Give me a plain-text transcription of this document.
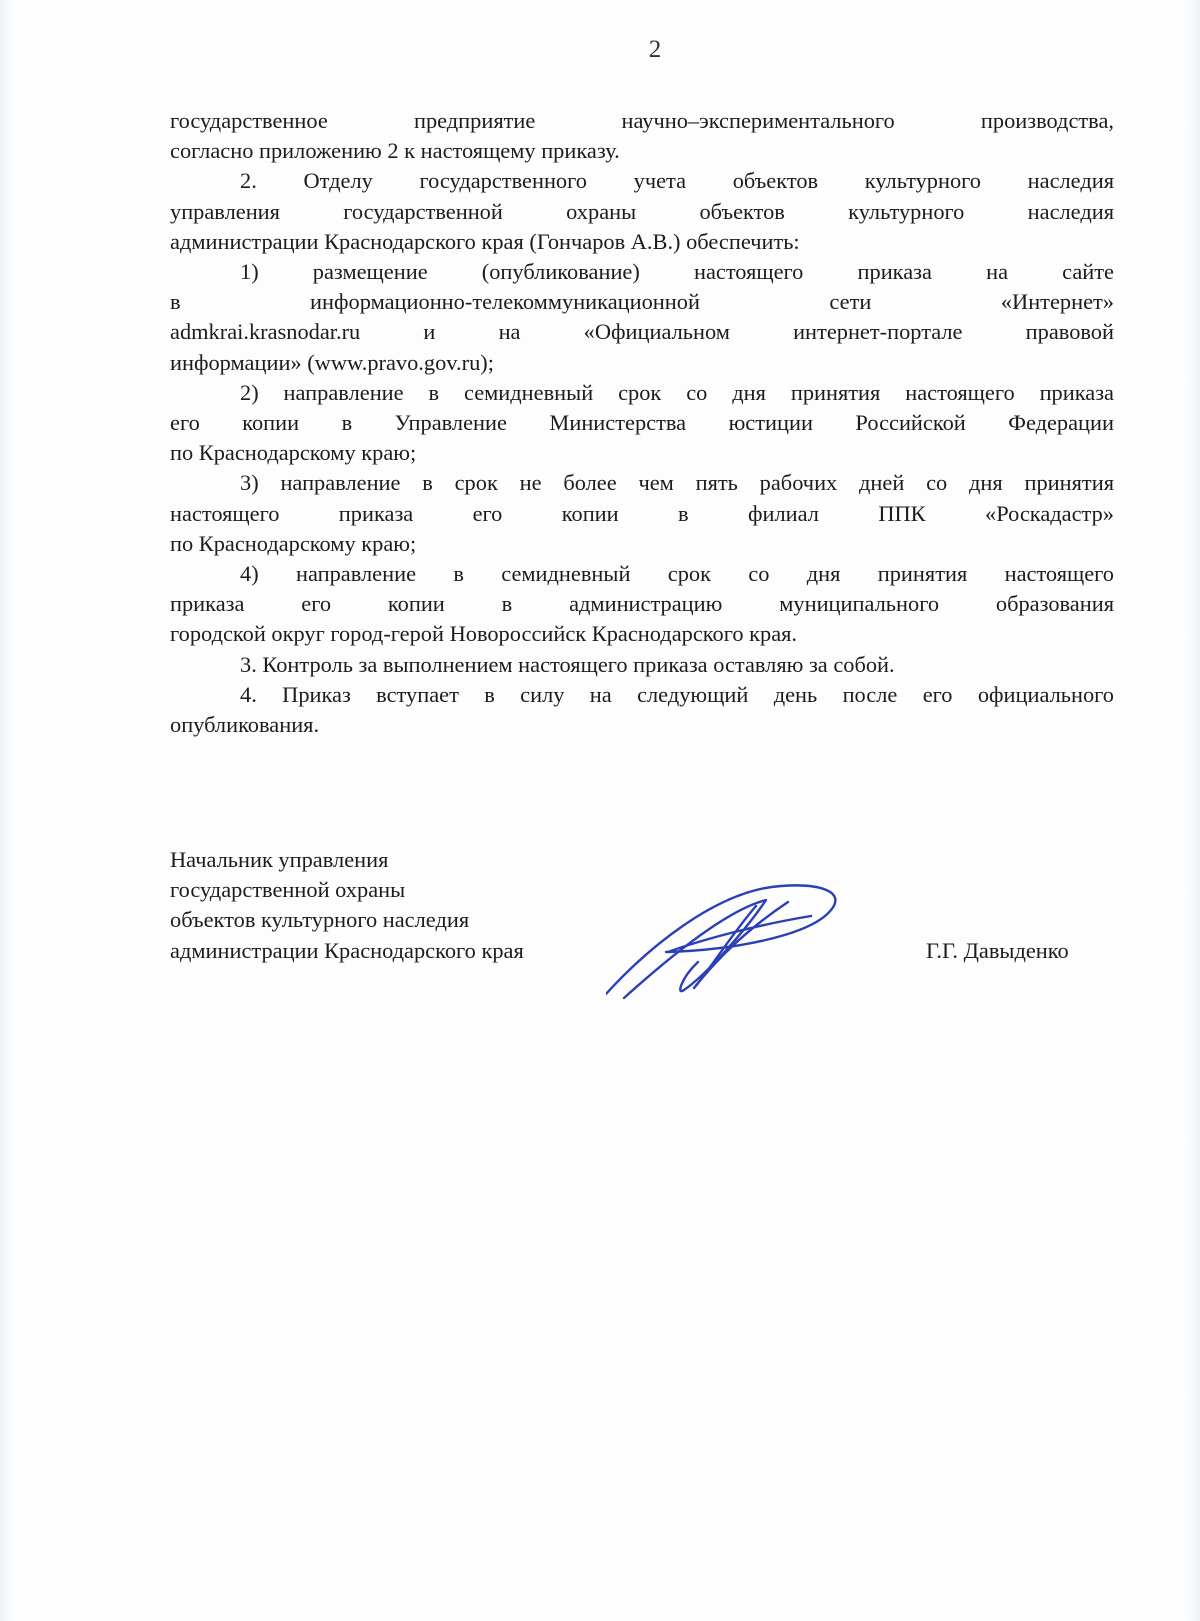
2
государственное предприятие научно–экспериментального производства,
согласно приложению 2 к настоящему приказу.
2. Отделу государственного учета объектов культурного наследия
управления государственной охраны объектов культурного наследия
администрации Краснодарского края (Гончаров А.В.) обеспечить:
1) размещение (опубликование) настоящего приказа на сайте
в информационно-телекоммуникационной сети «Интернет»
admkrai.krasnodar.ru и на «Официальном интернет-портале правовой
информации» (www.pravo.gov.ru);
2) направление в семидневный срок со дня принятия настоящего приказа
его копии в Управление Министерства юстиции Российской Федерации
по Краснодарскому краю;
3) направление в срок не более чем пять рабочих дней со дня принятия
настоящего приказа его копии в филиал ППК «Роскадастр»
по Краснодарскому краю;
4) направление в семидневный срок со дня принятия настоящего
приказа его копии в администрацию муниципального образования
городской округ город-герой Новороссийск Краснодарского края.
3. Контроль за выполнением настоящего приказа оставляю за собой.
4. Приказ вступает в силу на следующий день после его официального
опубликования.
Начальник управления
государственной охраны
объектов культурного наследия
администрации Краснодарского края	Г.Г. Давыденко
